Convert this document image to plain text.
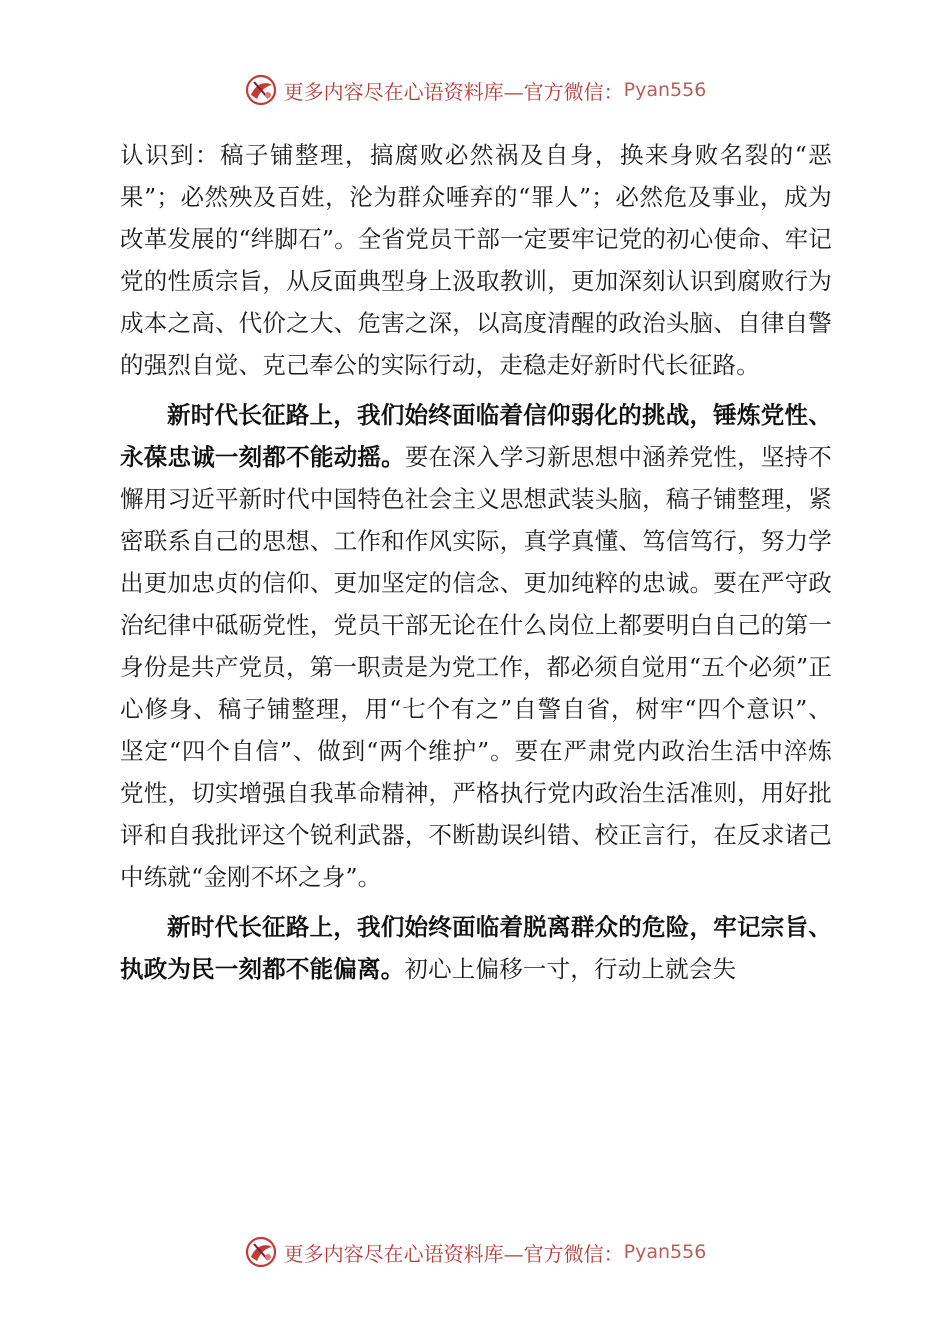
更多内容尽在心语资料库—官方微信： Pyan556

认识到：稿子铺整理，搞腐败必然祸及自身，换来身败名裂的“恶果”；必然殃及百姓，沦为群众唾弃的“罪人”；必然危及事业，成为改革发展的“绊脚石”。全省党员干部一定要牢记党的初心使命、牢记党的性质宗旨，从反面典型身上汲取教训，更加深刻认识到腐败行为成本之高、代价之大、危害之深，以高度清醒的政治头脑、自律自警的强烈自觉、克己奉公的实际行动，走稳走好新时代长征路。

新时代长征路上，我们始终面临着信仰弱化的挑战，锤炼党性、永葆忠诚一刻都不能动摇。要在深入学习新思想中涵养党性，坚持不懈用习近平新时代中国特色社会主义思想武装头脑，稿子铺整理，紧密联系自己的思想、工作和作风实际，真学真懂、笃信笃行，努力学出更加忠贞的信仰、更加坚定的信念、更加纯粹的忠诚。要在严守政治纪律中砥砺党性，党员干部无论在什么岗位上都要明白自己的第一身份是共产党员，第一职责是为党工作，都必须自觉用“五个必须”正心修身、稿子铺整理，用“七个有之”自警自省，树牢“四个意识”、坚定“四个自信”、做到“两个维护”。要在严肃党内政治生活中淬炼党性，切实增强自我革命精神，严格执行党内政治生活准则，用好批评和自我批评这个锐利武器，不断勘误纠错、校正言行，在反求诸己中练就“金刚不坏之身”。

新时代长征路上，我们始终面临着脱离群众的危险，牢记宗旨、执政为民一刻都不能偏离。初心上偏移一寸，行动上就会失

更多内容尽在心语资料库—官方微信： Pyan556
